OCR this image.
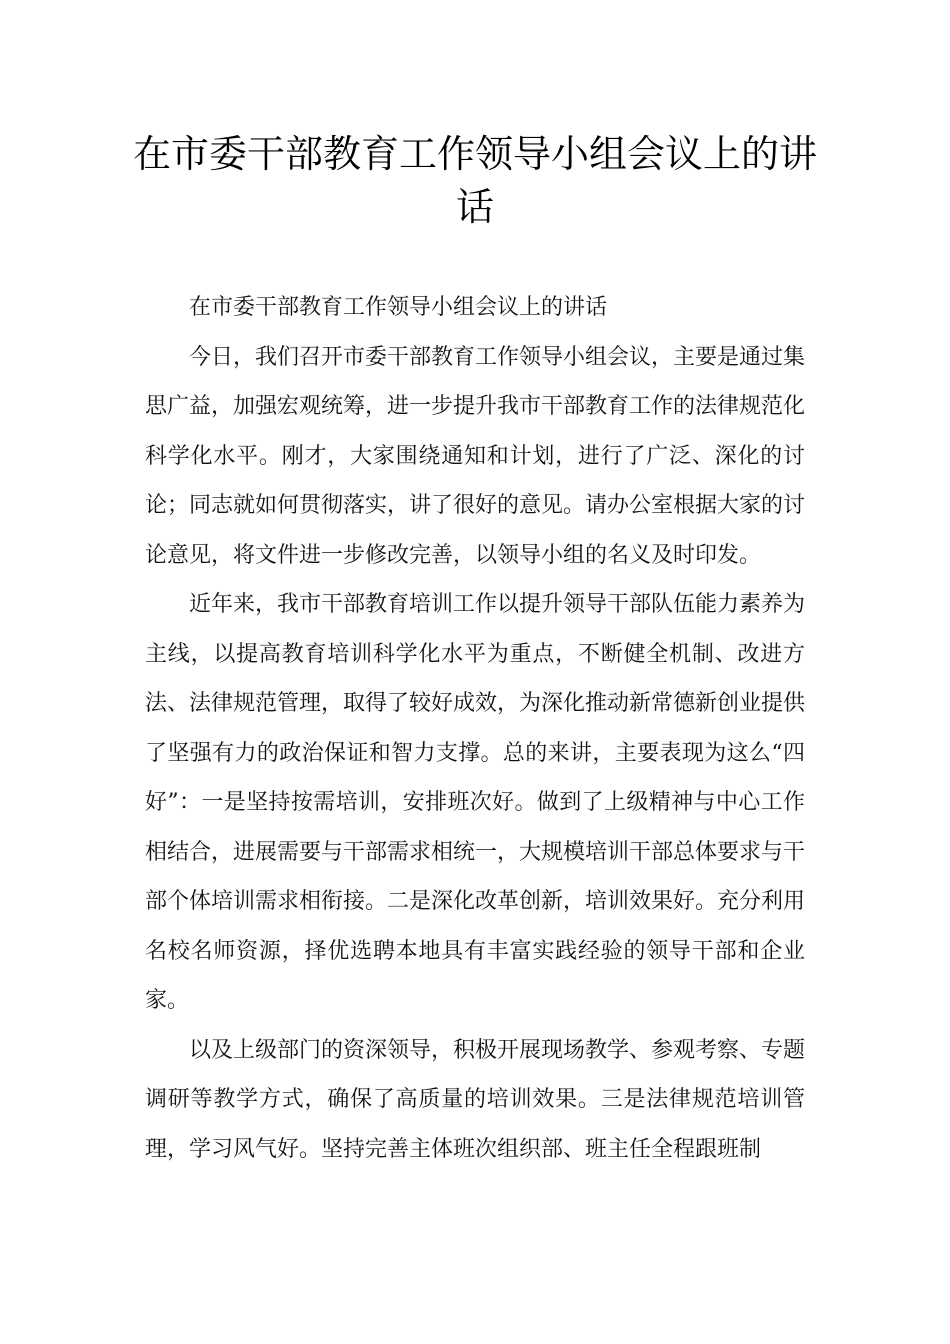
在市委干部教育工作领导小组会议上的讲话

在市委干部教育工作领导小组会议上的讲话

今日，我们召开市委干部教育工作领导小组会议，主要是通过集思广益，加强宏观统筹，进一步提升我市干部教育工作的法律规范化科学化水平。刚才，大家围绕通知和计划，进行了广泛、深化的讨论；同志就如何贯彻落实，讲了很好的意见。请办公室根据大家的讨论意见，将文件进一步修改完善，以领导小组的名义及时印发。

近年来，我市干部教育培训工作以提升领导干部队伍能力素养为主线，以提高教育培训科学化水平为重点，不断健全机制、改进方法、法律规范管理，取得了较好成效，为深化推动新常德新创业提供了坚强有力的政治保证和智力支撑。总的来讲，主要表现为这么“四好”：一是坚持按需培训，安排班次好。做到了上级精神与中心工作相结合，进展需要与干部需求相统一，大规模培训干部总体要求与干部个体培训需求相衔接。二是深化改革创新，培训效果好。充分利用名校名师资源，择优选聘本地具有丰富实践经验的领导干部和企业家。

以及上级部门的资深领导，积极开展现场教学、参观考察、专题调研等教学方式，确保了高质量的培训效果。三是法律规范培训管理，学习风气好。坚持完善主体班次组织部、班主任全程跟班制
